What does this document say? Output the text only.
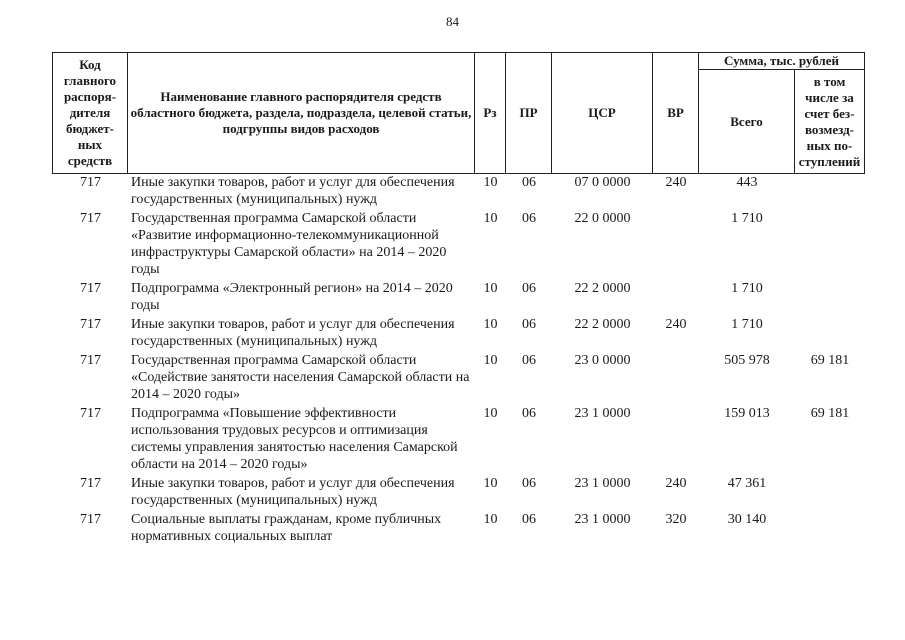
84
Код главного распоря-дителя бюджет-ных средств	Наименование главного распорядителя средств областного бюджета, раздела, подраздела, целевой статьи, подгруппы видов расходов	Рз	ПР	ЦСР	ВР	Сумма, тыс. рублей	
						Всего	в том числе за счет без-возмезд-ных по-ступлений
717	Иные закупки товаров, работ и услуг для обеспечения государственных (муниципальных) нужд	10	06	07 0 0000	240	443	
717	Государственная программа Самарской области «Развитие информационно-телекоммуникационной инфраструктуры Самарской области» на 2014 – 2020 годы	10	06	22 0 0000		1 710	
717	Подпрограмма «Электронный регион» на 2014 – 2020 годы	10	06	22 2 0000		1 710	
717	Иные закупки товаров, работ и услуг для обеспечения государственных (муниципальных) нужд	10	06	22 2 0000	240	1 710	
717	Государственная программа Самарской области «Содействие занятости населения Самарской области на 2014 – 2020 годы»	10	06	23 0 0000		505 978	69 181
717	Подпрограмма «Повышение эффективности использования трудовых ресурсов и оптимизация системы управления занятостью населения Самарской области на 2014 – 2020 годы»	10	06	23 1 0000		159 013	69 181
717	Иные закупки товаров, работ и услуг для обеспечения государственных (муниципальных) нужд	10	06	23 1 0000	240	47 361	
717	Социальные выплаты гражданам, кроме публичных нормативных социальных выплат	10	06	23 1 0000	320	30 140	
